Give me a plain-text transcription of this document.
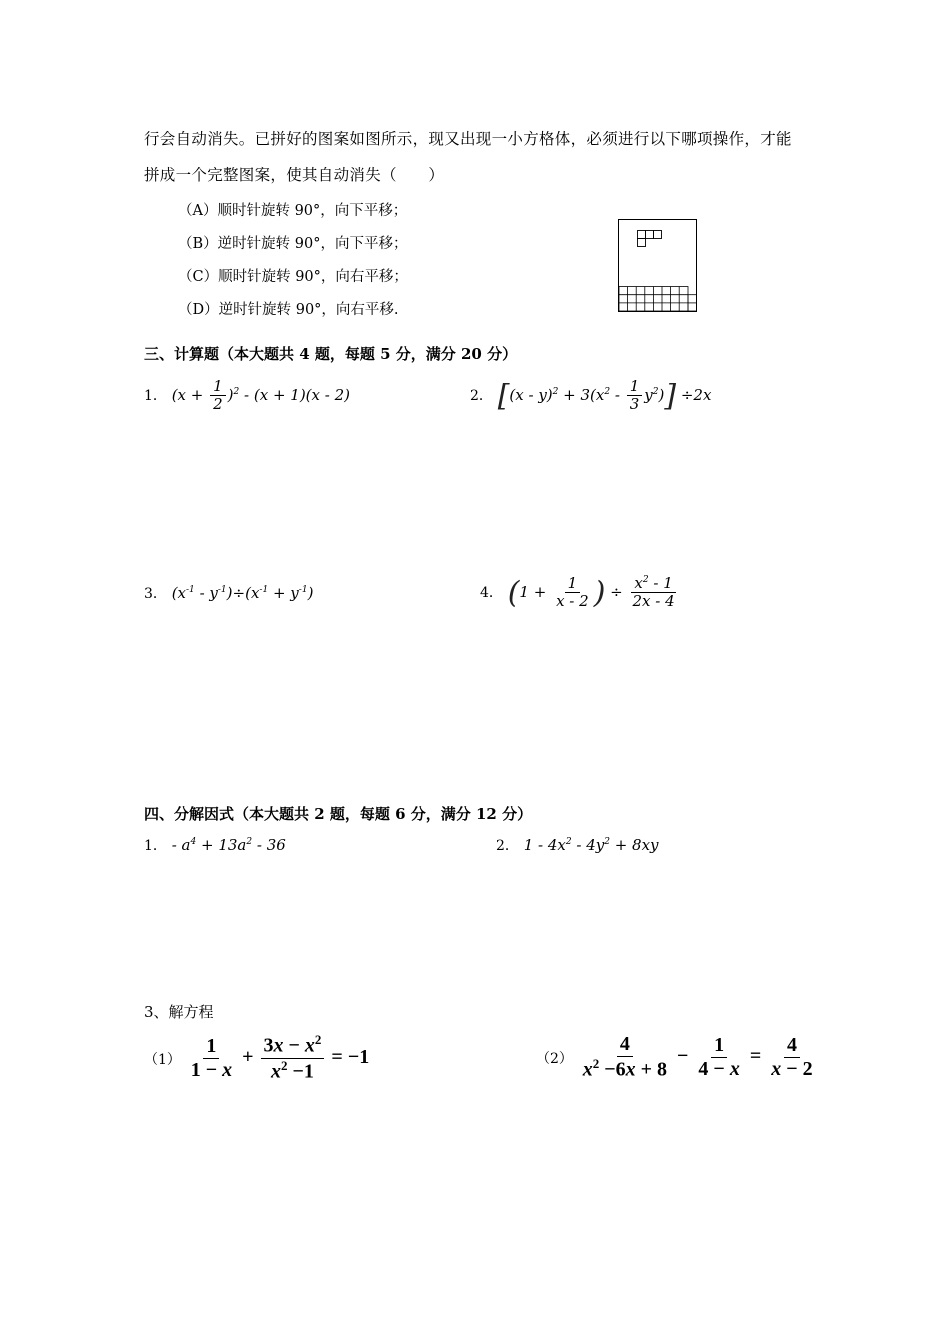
行会自动消失。已拼好的图案如图所示，现又出现一小方格体，必须进行以下哪项操作，才能
拼成一个完整图案，使其自动消失（　　）
（A）顺时针旋转 90°，向下平移；
（B）逆时针旋转 90°，向下平移；
（C）顺时针旋转 90°，向右平移；
（D）逆时针旋转 90°，向右平移.
三、计算题（本大题共 4 题，每题 5 分，满分 20 分）
1． $(x + \frac{1}{2} )^2 - (x + 1)(x - 2)$	2． $[(x - y)^2 + 3(x^2 - \frac{1}{3} y^2)] \div 2x$
3． $(x^{-1} - y^{-1})\div(x^{-1} + y^{-1})$	4． ($1 + \frac{1}{x - 2}$ ) ÷ $\frac{x^2 - 1}{2x - 4}$
四、分解因式（本大题共 2 题，每题 6 分，满分 12 分）
1． - $a^4 + 13a^2 - 36$	2． $1 - 4x^2 - 4y^2 + 8xy$
3、解方程
$(1) \frac{1}{1 - x} + \frac{3x - x^2}{x^2 -1} = -1$	$(2) \frac{4}{x^2 -6x + 8} - \frac{1}{4 - x} = \frac{4}{x - 2}$
